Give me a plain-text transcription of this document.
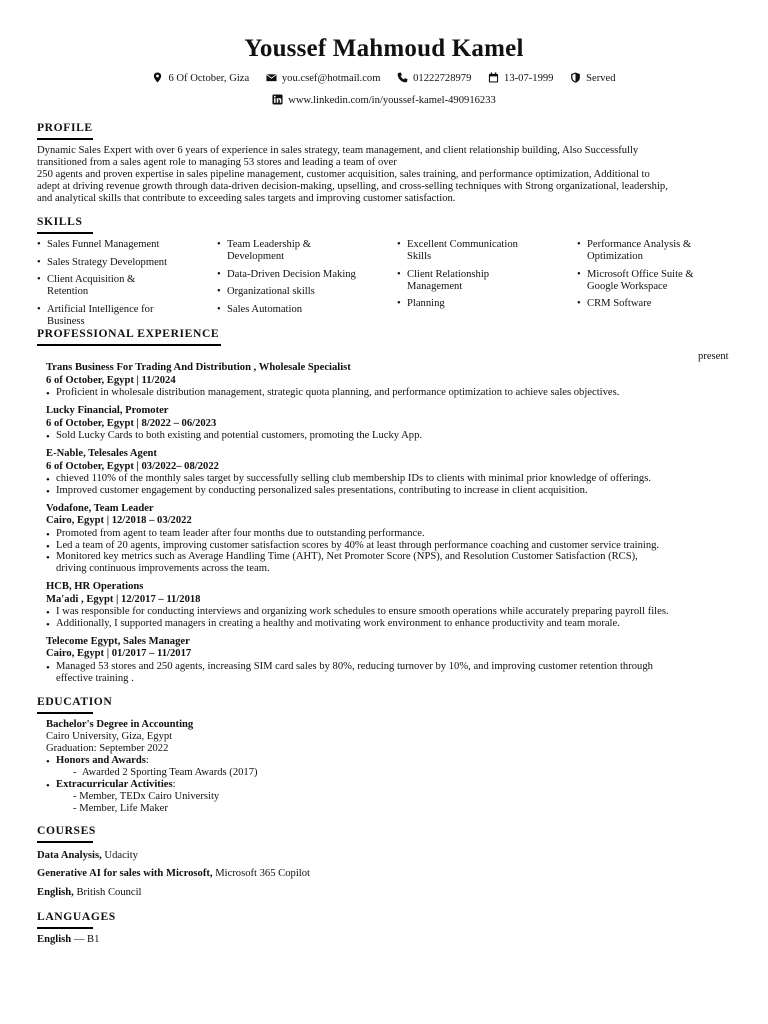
Youssef Mahmoud Kamel
6 Of October, Giza	you.csef@hotmail.com	01222728979	13-07-1999	Served
www.linkedin.com/in/youssef-kamel-490916233
PROFILE
Dynamic Sales Expert with over 6 years of experience in sales strategy, team management, and client relationship building, Also Successfully
transitioned from a sales agent role to managing 53 stores and leading a team of over
250 agents and proven expertise in sales pipeline management, customer acquisition, sales training, and performance optimization, Additional to
adept at driving revenue growth through data-driven decision-making, upselling, and cross-selling techniques with Strong organizational, leadership,
and analytical skills that contribute to exceeding sales targets and improving customer satisfaction.
SKILLS
• Sales Funnel Management
• Sales Strategy Development
• Client Acquisition & Retention
• Artificial Intelligence for Business
• Team Leadership & Development
• Data-Driven Decision Making
• Organizational skills
• Sales Automation
• Excellent Communication Skills
• Client Relationship Management
• Planning
• Performance Analysis & Optimization
• Microsoft Office Suite & Google Workspace
• CRM Software
PROFESSIONAL EXPERIENCE
present
Trans Business For Trading And Distribution , Wholesale Specialist
6 of October, Egypt | 11/2024
• Proficient in wholesale distribution management, strategic quota planning, and performance optimization to achieve sales objectives.
Lucky Financial, Promoter
6 of October, Egypt | 8/2022 – 06/2023
• Sold Lucky Cards to both existing and potential customers, promoting the Lucky App.
E-Nable, Telesales Agent
6 of October, Egypt | 03/2022– 08/2022
• chieved 110% of the monthly sales target by successfully selling club membership IDs to clients with minimal prior knowledge of offerings.
• Improved customer engagement by conducting personalized sales presentations, contributing to increase in client acquisition.
Vodafone, Team Leader
Cairo, Egypt | 12/2018 – 03/2022
• Promoted from agent to team leader after four months due to outstanding performance.
• Led a team of 20 agents, improving customer satisfaction scores by 40% at least through performance coaching and customer service training.
• Monitored key metrics such as Average Handling Time (AHT), Net Promoter Score (NPS), and Resolution Customer Satisfaction (RCS),
driving continuous improvements across the team.
HCB, HR Operations
Ma'adi , Egypt | 12/2017 – 11/2018
• I was responsible for conducting interviews and organizing work schedules to ensure smooth operations while accurately preparing payroll files.
• Additionally, I supported managers in creating a healthy and motivating work environment to enhance productivity and team morale.
Telecome Egypt, Sales Manager
Cairo, Egypt | 01/2017 – 11/2017
• Managed 53 stores and 250 agents, increasing SIM card sales by 80%, reducing turnover by 10%, and improving customer retention through
effective training .
EDUCATION
Bachelor's Degree in Accounting
Cairo University, Giza, Egypt
Graduation: September 2022
• Honors and Awards:
-  Awarded 2 Sporting Team Awards (2017)
• Extracurricular Activities:
- Member, TEDx Cairo University
- Member, Life Maker
COURSES
Data Analysis, Udacity
Generative AI for sales with Microsoft, Microsoft 365 Copilot
English, British Council
LANGUAGES
English — B1
